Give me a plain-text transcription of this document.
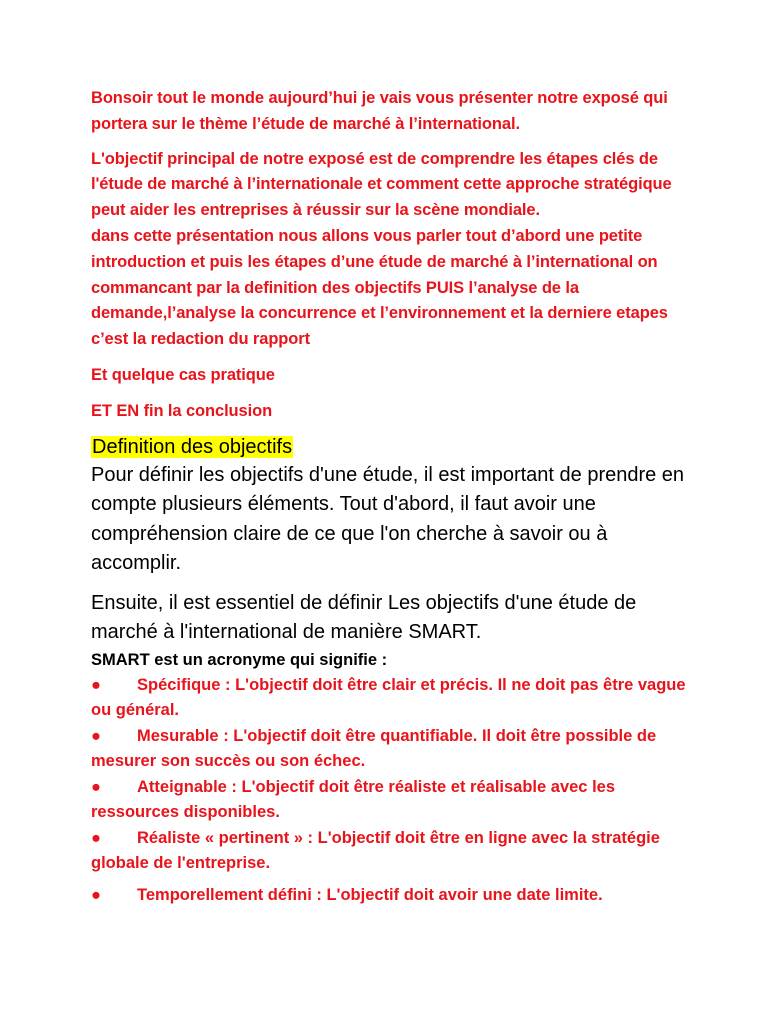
Bonsoir tout le monde aujourd’hui je vais vous présenter notre exposé qui portera sur le thème l’étude de marché à l’international.

L'objectif principal de notre exposé est de comprendre les étapes clés de l'étude de marché à l’internationale et comment cette approche stratégique peut aider les entreprises à réussir sur la scène mondiale.

dans cette présentation nous allons vous parler tout d’abord une petite introduction et puis les étapes d’une étude de marché à l’international on commancant par la definition des objectifs PUIS l’analyse de la demande,l’analyse la concurrence et l’environnement et la derniere etapes c’est la redaction du rapport

Et quelque cas pratique

ET EN fin la conclusion

Definition des objectifs

Pour définir les objectifs d'une étude, il est important de prendre en compte plusieurs éléments. Tout d'abord, il faut avoir une compréhension claire de ce que l'on cherche à savoir ou à accomplir.

Ensuite, il est essentiel de définir Les objectifs d'une étude de marché à l'international de manière SMART.

SMART est un acronyme qui signifie :

● Spécifique : L'objectif doit être clair et précis. Il ne doit pas être vague ou général.
● Mesurable : L'objectif doit être quantifiable. Il doit être possible de mesurer son succès ou son échec.
● Atteignable : L'objectif doit être réaliste et réalisable avec les ressources disponibles.
● Réaliste « pertinent » : L'objectif doit être en ligne avec la stratégie globale de l'entreprise.
● Temporellement défini : L'objectif doit avoir une date limite.
